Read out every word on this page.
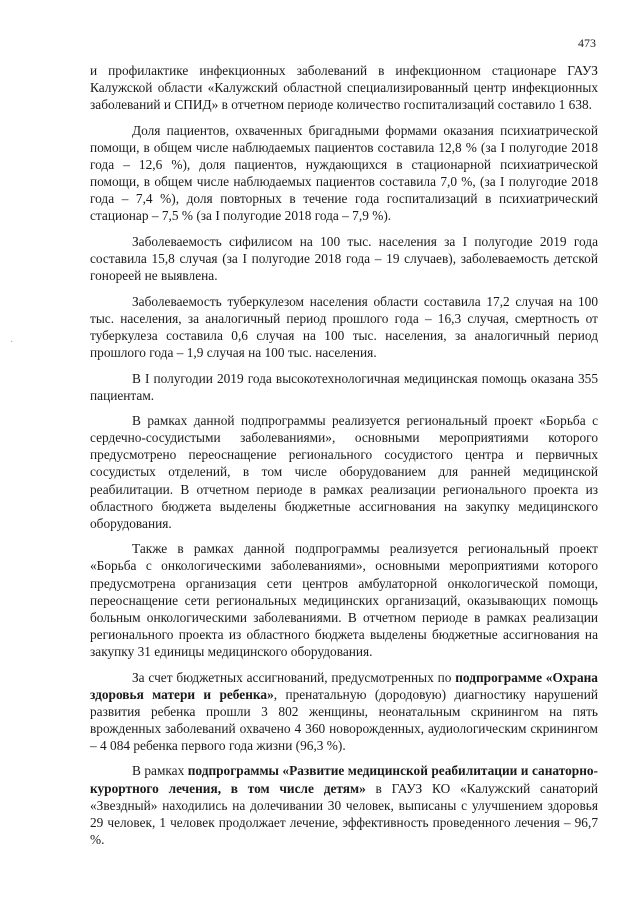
473
·

и профилактике инфекционных заболеваний в инфекционном стационаре ГАУЗ Калужской области «Калужский областной специализированный центр инфекционных заболеваний и СПИД» в отчетном периоде количество госпитализаций составило 1 638.

Доля пациентов, охваченных бригадными формами оказания психиатрической помощи, в общем числе наблюдаемых пациентов составила 12,8 % (за I полугодие 2018 года – 12,6 %), доля пациентов, нуждающихся в стационарной психиатрической помощи, в общем числе наблюдаемых пациентов составила 7,0 %, (за I полугодие 2018 года – 7,4 %), доля повторных в течение года госпитализаций в психиатрический стационар – 7,5 % (за I полугодие 2018 года – 7,9 %).

Заболеваемость сифилисом на 100 тыс. населения за I полугодие 2019 года составила 15,8 случая (за I полугодие 2018 года – 19 случаев), заболеваемость детской гонореей не выявлена.

Заболеваемость туберкулезом населения области составила 17,2 случая на 100 тыс. населения, за аналогичный период прошлого года – 16,3 случая, смертность от туберкулеза составила 0,6 случая на 100 тыс. населения, за аналогичный период прошлого года – 1,9 случая на 100 тыс. населения.

В I полугодии 2019 года высокотехнологичная медицинская помощь оказана 355 пациентам.

В рамках данной подпрограммы реализуется региональный проект «Борьба с сердечно-сосудистыми заболеваниями», основными мероприятиями которого предусмотрено переоснащение регионального сосудистого центра и первичных сосудистых отделений, в том числе оборудованием для ранней медицинской реабилитации. В отчетном периоде в рамках реализации регионального проекта из областного бюджета выделены бюджетные ассигнования на закупку медицинского оборудования.

Также в рамках данной подпрограммы реализуется региональный проект «Борьба с онкологическими заболеваниями», основными мероприятиями которого предусмотрена организация сети центров амбулаторной онкологической помощи, переоснащение сети региональных медицинских организаций, оказывающих помощь больным онкологическими заболеваниями. В отчетном периоде в рамках реализации регионального проекта из областного бюджета выделены бюджетные ассигнования на закупку 31 единицы медицинского оборудования.

За счет бюджетных ассигнований, предусмотренных по подпрограмме «Охрана здоровья матери и ребенка», пренатальную (дородовую) диагностику нарушений развития ребенка прошли 3 802 женщины, неонатальным скринингом на пять врожденных заболеваний охвачено 4 360 новорожденных, аудиологическим скринингом – 4 084 ребенка первого года жизни (96,3 %).

В рамках подпрограммы «Развитие медицинской реабилитации и санаторно-курортного лечения, в том числе детям» в ГАУЗ КО «Калужский санаторий «Звездный» находились на долечивании 30 человек, выписаны с улучшением здоровья 29 человек, 1 человек продолжает лечение, эффективность проведенного лечения – 96,7 %.
